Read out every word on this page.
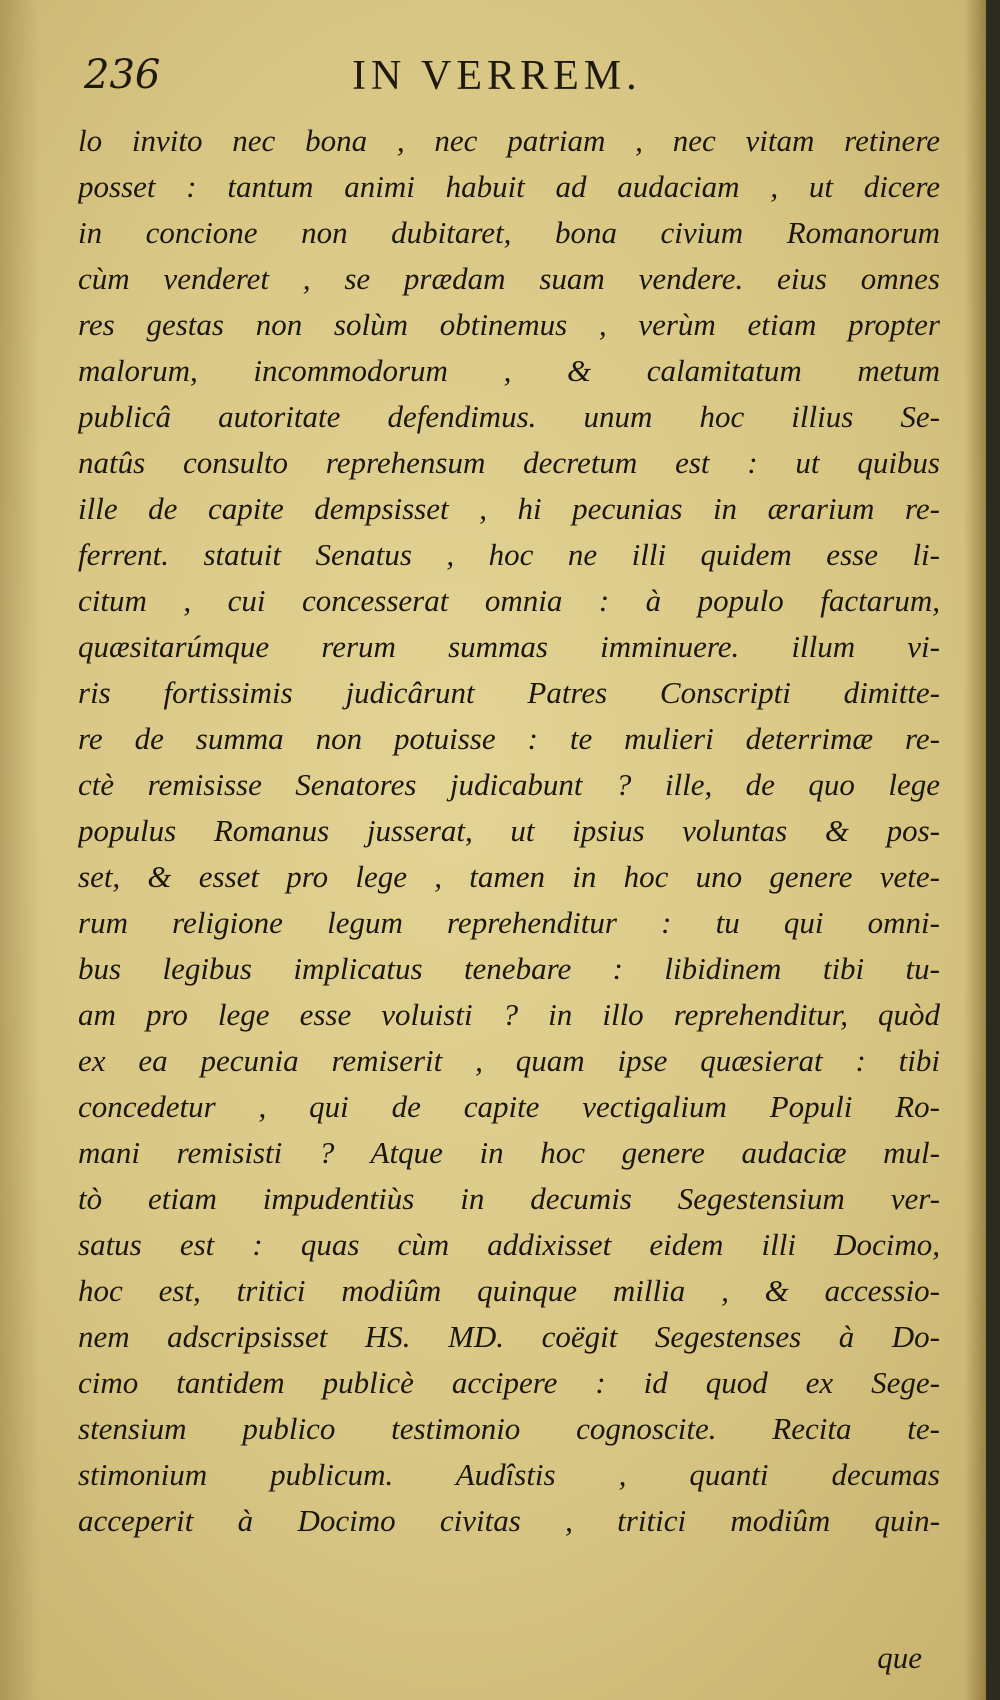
236	IN VERREM.
lo invito nec bona , nec patriam , nec vitam retinere
posset : tantum animi habuit ad audaciam , ut dicere
in concione non dubitaret, bona civium Romanorum
cùm venderet , se prædam suam vendere. eius omnes
res gestas non solùm obtinemus , verùm etiam propter
malorum, incommodorum , & calamitatum metum
publicâ autoritate defendimus. unum hoc illius Se-
natûs consulto reprehensum decretum est : ut quibus
ille de capite dempsisset , hi pecunias in ærarium re-
ferrent. statuit Senatus , hoc ne illi quidem esse li-
citum , cui concesserat omnia : à populo factarum,
quæsitarúmque rerum summas imminuere. illum vi-
ris fortissimis judicârunt Patres Conscripti dimitte-
re de summa non potuisse : te mulieri deterrimæ re-
ctè remisisse Senatores judicabunt ? ille, de quo lege
populus Romanus jusserat, ut ipsius voluntas & pos-
set, & esset pro lege , tamen in hoc uno genere vete-
rum religione legum reprehenditur : tu qui omni-
bus legibus implicatus tenebare : libidinem tibi tu-
am pro lege esse voluisti ? in illo reprehenditur, quòd
ex ea pecunia remiserit , quam ipse quæsierat : tibi
concedetur , qui de capite vectigalium Populi Ro-
mani remisisti ? Atque in hoc genere audaciæ mul-
tò etiam impudentiùs in decumis Segestensium ver-
satus est : quas cùm addixisset eidem illi Docimo,
hoc est, tritici modiûm quinque millia , & accessio-
nem adscripsisset HS. MD. coëgit Segestenses à Do-
cimo tantidem publicè accipere : id quod ex Sege-
stensium publico testimonio cognoscite. Recita te-
stimonium publicum. Audîstis , quanti decumas
acceperit à Docimo civitas , tritici modiûm quin-
que
